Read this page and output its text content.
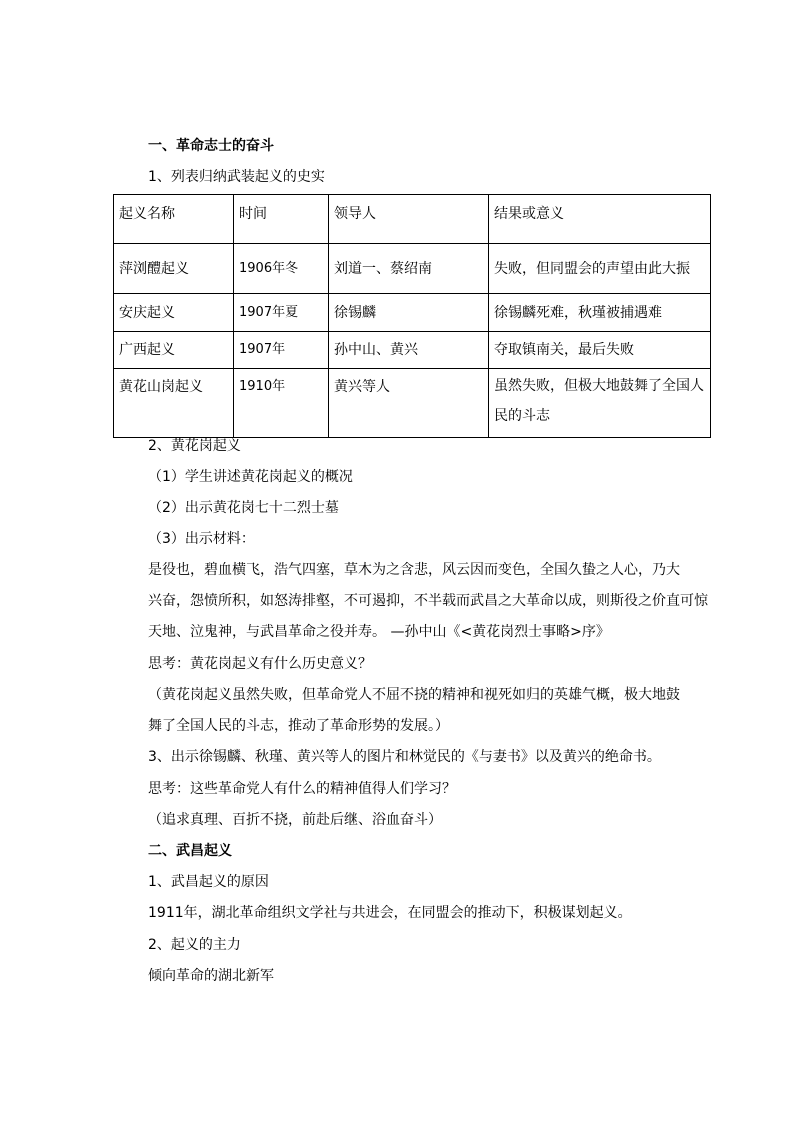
一、革命志士的奋斗
1、列表归纳武装起义的史实
起义名称	时间	领导人	结果或意义
萍浏醴起义	1906年冬	刘道一、蔡绍南	失败，但同盟会的声望由此大振
安庆起义	1907年夏	徐锡麟	徐锡麟死难，秋瑾被捕遇难
广西起义	1907年	孙中山、黄兴	夺取镇南关，最后失败
黄花山岗起义	1910年	黄兴等人	虽然失败，但极大地鼓舞了全国人民的斗志
2、黄花岗起义
（1）学生讲述黄花岗起义的概况
（2）出示黄花岗七十二烈士墓
（3）出示材料：
是役也，碧血横飞，浩气四塞，草木为之含悲，风云因而变色，全国久蛰之人心，乃大
兴奋，怨愤所积，如怒涛排壑，不可遏抑，不半载而武昌之大革命以成，则斯役之价直可惊
天地、泣鬼神，与武昌革命之役并寿。 —孙中山《<黄花岗烈士事略>序》
思考：黄花岗起义有什么历史意义？
（黄花岗起义虽然失败，但革命党人不屈不挠的精神和视死如归的英雄气概，极大地鼓
舞了全国人民的斗志，推动了革命形势的发展。）
3、出示徐锡麟、秋瑾、黄兴等人的图片和林觉民的《与妻书》以及黄兴的绝命书。
思考：这些革命党人有什么的精神值得人们学习？
（追求真理、百折不挠，前赴后继、浴血奋斗）
二、武昌起义
1、武昌起义的原因
1911年，湖北革命组织文学社与共进会，在同盟会的推动下，积极谋划起义。
2、起义的主力
倾向革命的湖北新军
